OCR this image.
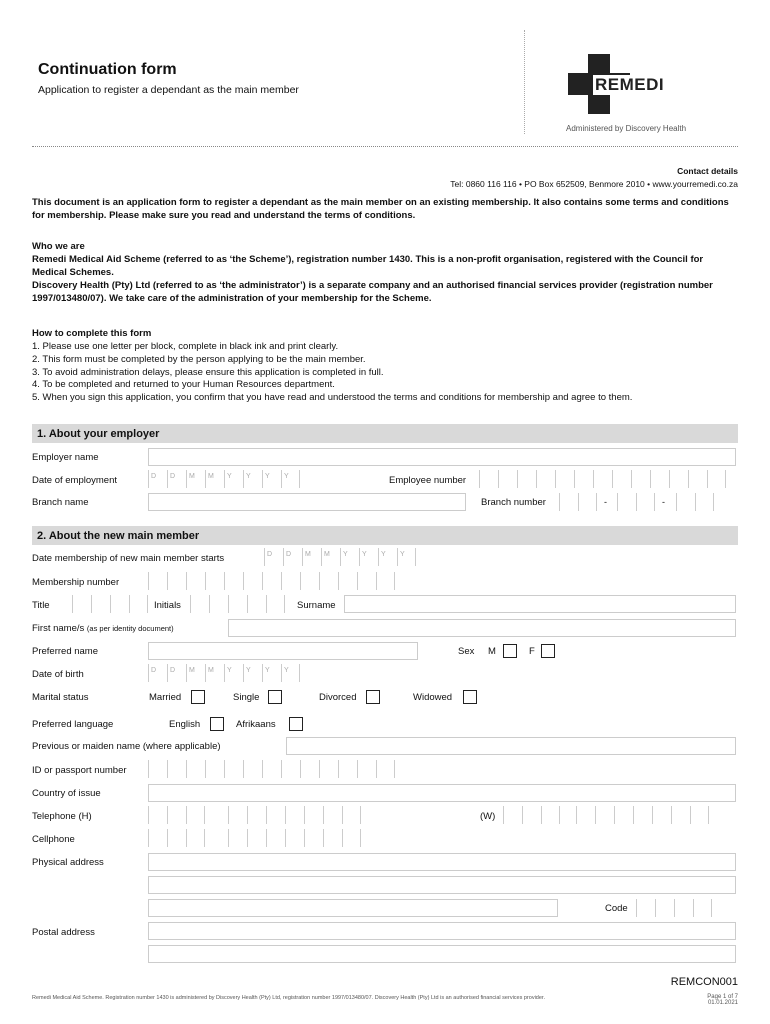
Continuation form
Application to register a dependant as the main member	REMEDI
Administered by Discovery Health
Contact details
Tel: 0860 116 116 • PO Box 652509, Benmore 2010 • www.yourremedi.co.za
This document is an application form to register a dependant as the main member on an existing membership. It also contains some terms and conditions for membership. Please make sure you read and understand the terms of conditions.
Who we are
Remedi Medical Aid Scheme (referred to as ‘the Scheme’), registration number 1430. This is a non-profit organisation, registered with the Council for Medical Schemes.
Discovery Health (Pty) Ltd (referred to as ‘the administrator’) is a separate company and an authorised financial services provider (registration number 1997/013480/07). We take care of the administration of your membership for the Scheme.
How to complete this form
1. Please use one letter per block, complete in black ink and print clearly.
2. This form must be completed by the person applying to be the main member.
3. To avoid administration delays, please ensure this application is completed in full.
4. To be completed and returned to your Human Resources department.
5. When you sign this application, you confirm that you have read and understood the terms and conditions for membership and agree to them.
1. About your employer
Employer name
Date of employment	D	D	M	M	Y	Y	Y	Y	Employee number
Branch name	Branch number	-	-
2. About the new main member
Date membership of new main member starts	D	D	M	M	Y	Y	Y	Y
Membership number
Title	Initials	Surname
First name/s (as per identity document)
Preferred name	Sex M	F
Date of birth	D	D	M	M	Y	Y	Y	Y
Marital status	Married	Single	Divorced	Widowed
Preferred language	English	Afrikaans
Previous or maiden name (where applicable)
ID or passport number
Country of issue
Telephone (H)	(W)
Cellphone
Physical address
Code
Postal address
REMCON001
Remedi Medical Aid Scheme. Registration number 1430 is administered by Discovery Health (Pty) Ltd, registration number 1997/013480/07. Discovery Health (Pty) Ltd is an authorised financial services provider.	Page 1 of 7
01.01.2021
